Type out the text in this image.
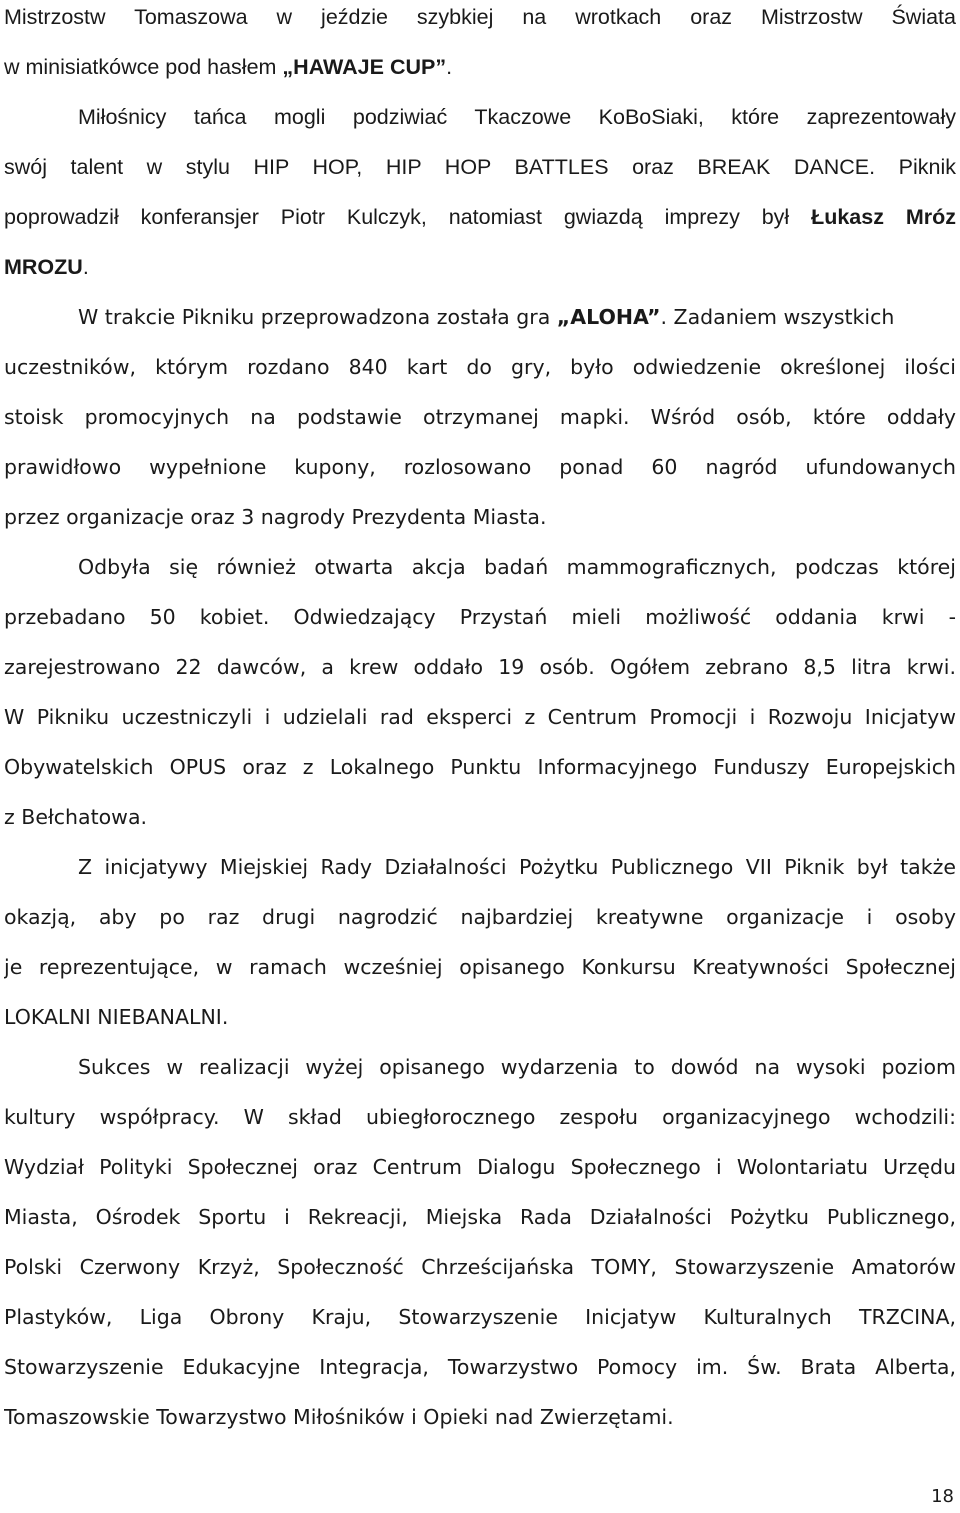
Mistrzostw Tomaszowa w jeździe szybkiej na wrotkach oraz Mistrzostw Świata
w minisiatkówce pod hasłem „HAWAJE CUP”.
Miłośnicy tańca mogli podziwiać Tkaczowe KoBoSiaki, które zaprezentowały
swój talent w stylu HIP HOP, HIP HOP BATTLES oraz BREAK DANCE. Piknik
poprowadził konferansjer Piotr Kulczyk, natomiast gwiazdą imprezy był Łukasz Mróz
MROZU.
W trakcie Pikniku przeprowadzona została gra „ALOHA”. Zadaniem wszystkich
uczestników, którym rozdano 840 kart do gry, było odwiedzenie określonej ilości
stoisk promocyjnych na podstawie otrzymanej mapki. Wśród osób, które oddały
prawidłowo wypełnione kupony, rozlosowano ponad 60 nagród ufundowanych
przez organizacje oraz 3 nagrody Prezydenta Miasta.
Odbyła się również otwarta akcja badań mammograficznych, podczas której
przebadano 50 kobiet. Odwiedzający Przystań mieli możliwość oddania krwi -
zarejestrowano 22 dawców, a krew oddało 19 osób. Ogółem zebrano 8,5 litra krwi.
W Pikniku uczestniczyli i udzielali rad eksperci z Centrum Promocji i Rozwoju Inicjatyw
Obywatelskich OPUS oraz z Lokalnego Punktu Informacyjnego Funduszy Europejskich
z Bełchatowa.
Z inicjatywy Miejskiej Rady Działalności Pożytku Publicznego VII Piknik był także
okazją, aby po raz drugi nagrodzić najbardziej kreatywne organizacje i osoby
je reprezentujące, w ramach wcześniej opisanego Konkursu Kreatywności Społecznej
LOKALNI NIEBANALNI.
Sukces w realizacji wyżej opisanego wydarzenia to dowód na wysoki poziom
kultury współpracy. W skład ubiegłorocznego zespołu organizacyjnego wchodzili:
Wydział Polityki Społecznej oraz Centrum Dialogu Społecznego i Wolontariatu Urzędu
Miasta, Ośrodek Sportu i Rekreacji, Miejska Rada Działalności Pożytku Publicznego,
Polski Czerwony Krzyż, Społeczność Chrześcijańska TOMY, Stowarzyszenie Amatorów
Plastyków, Liga Obrony Kraju, Stowarzyszenie Inicjatyw Kulturalnych TRZCINA,
Stowarzyszenie Edukacyjne Integracja, Towarzystwo Pomocy im. Św. Brata Alberta,
Tomaszowskie Towarzystwo Miłośników i Opieki nad Zwierzętami.
18
